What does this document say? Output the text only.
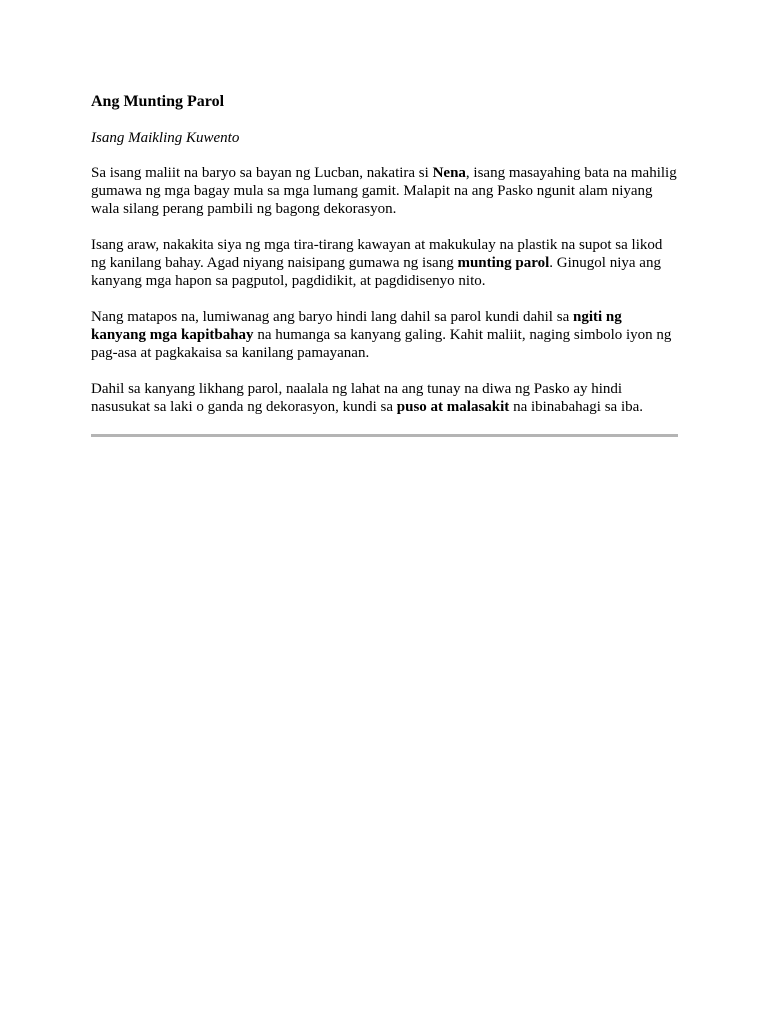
Ang Munting Parol
Isang Maikling Kuwento

Sa isang maliit na baryo sa bayan ng Lucban, nakatira si Nena, isang masayahing bata na mahilig gumawa ng mga bagay mula sa mga lumang gamit. Malapit na ang Pasko ngunit alam niyang wala silang perang pambili ng bagong dekorasyon.

Isang araw, nakakita siya ng mga tira-tirang kawayan at makukulay na plastik na supot sa likod ng kanilang bahay. Agad niyang naisipang gumawa ng isang munting parol. Ginugol niya ang kanyang mga hapon sa pagputol, pagdidikit, at pagdidisenyo nito.

Nang matapos na, lumiwanag ang baryo hindi lang dahil sa parol kundi dahil sa ngiti ng kanyang mga kapitbahay na humanga sa kanyang galing. Kahit maliit, naging simbolo iyon ng pag-asa at pagkakaisa sa kanilang pamayanan.

Dahil sa kanyang likhang parol, naalala ng lahat na ang tunay na diwa ng Pasko ay hindi nasusukat sa laki o ganda ng dekorasyon, kundi sa puso at malasakit na ibinabahagi sa iba.
